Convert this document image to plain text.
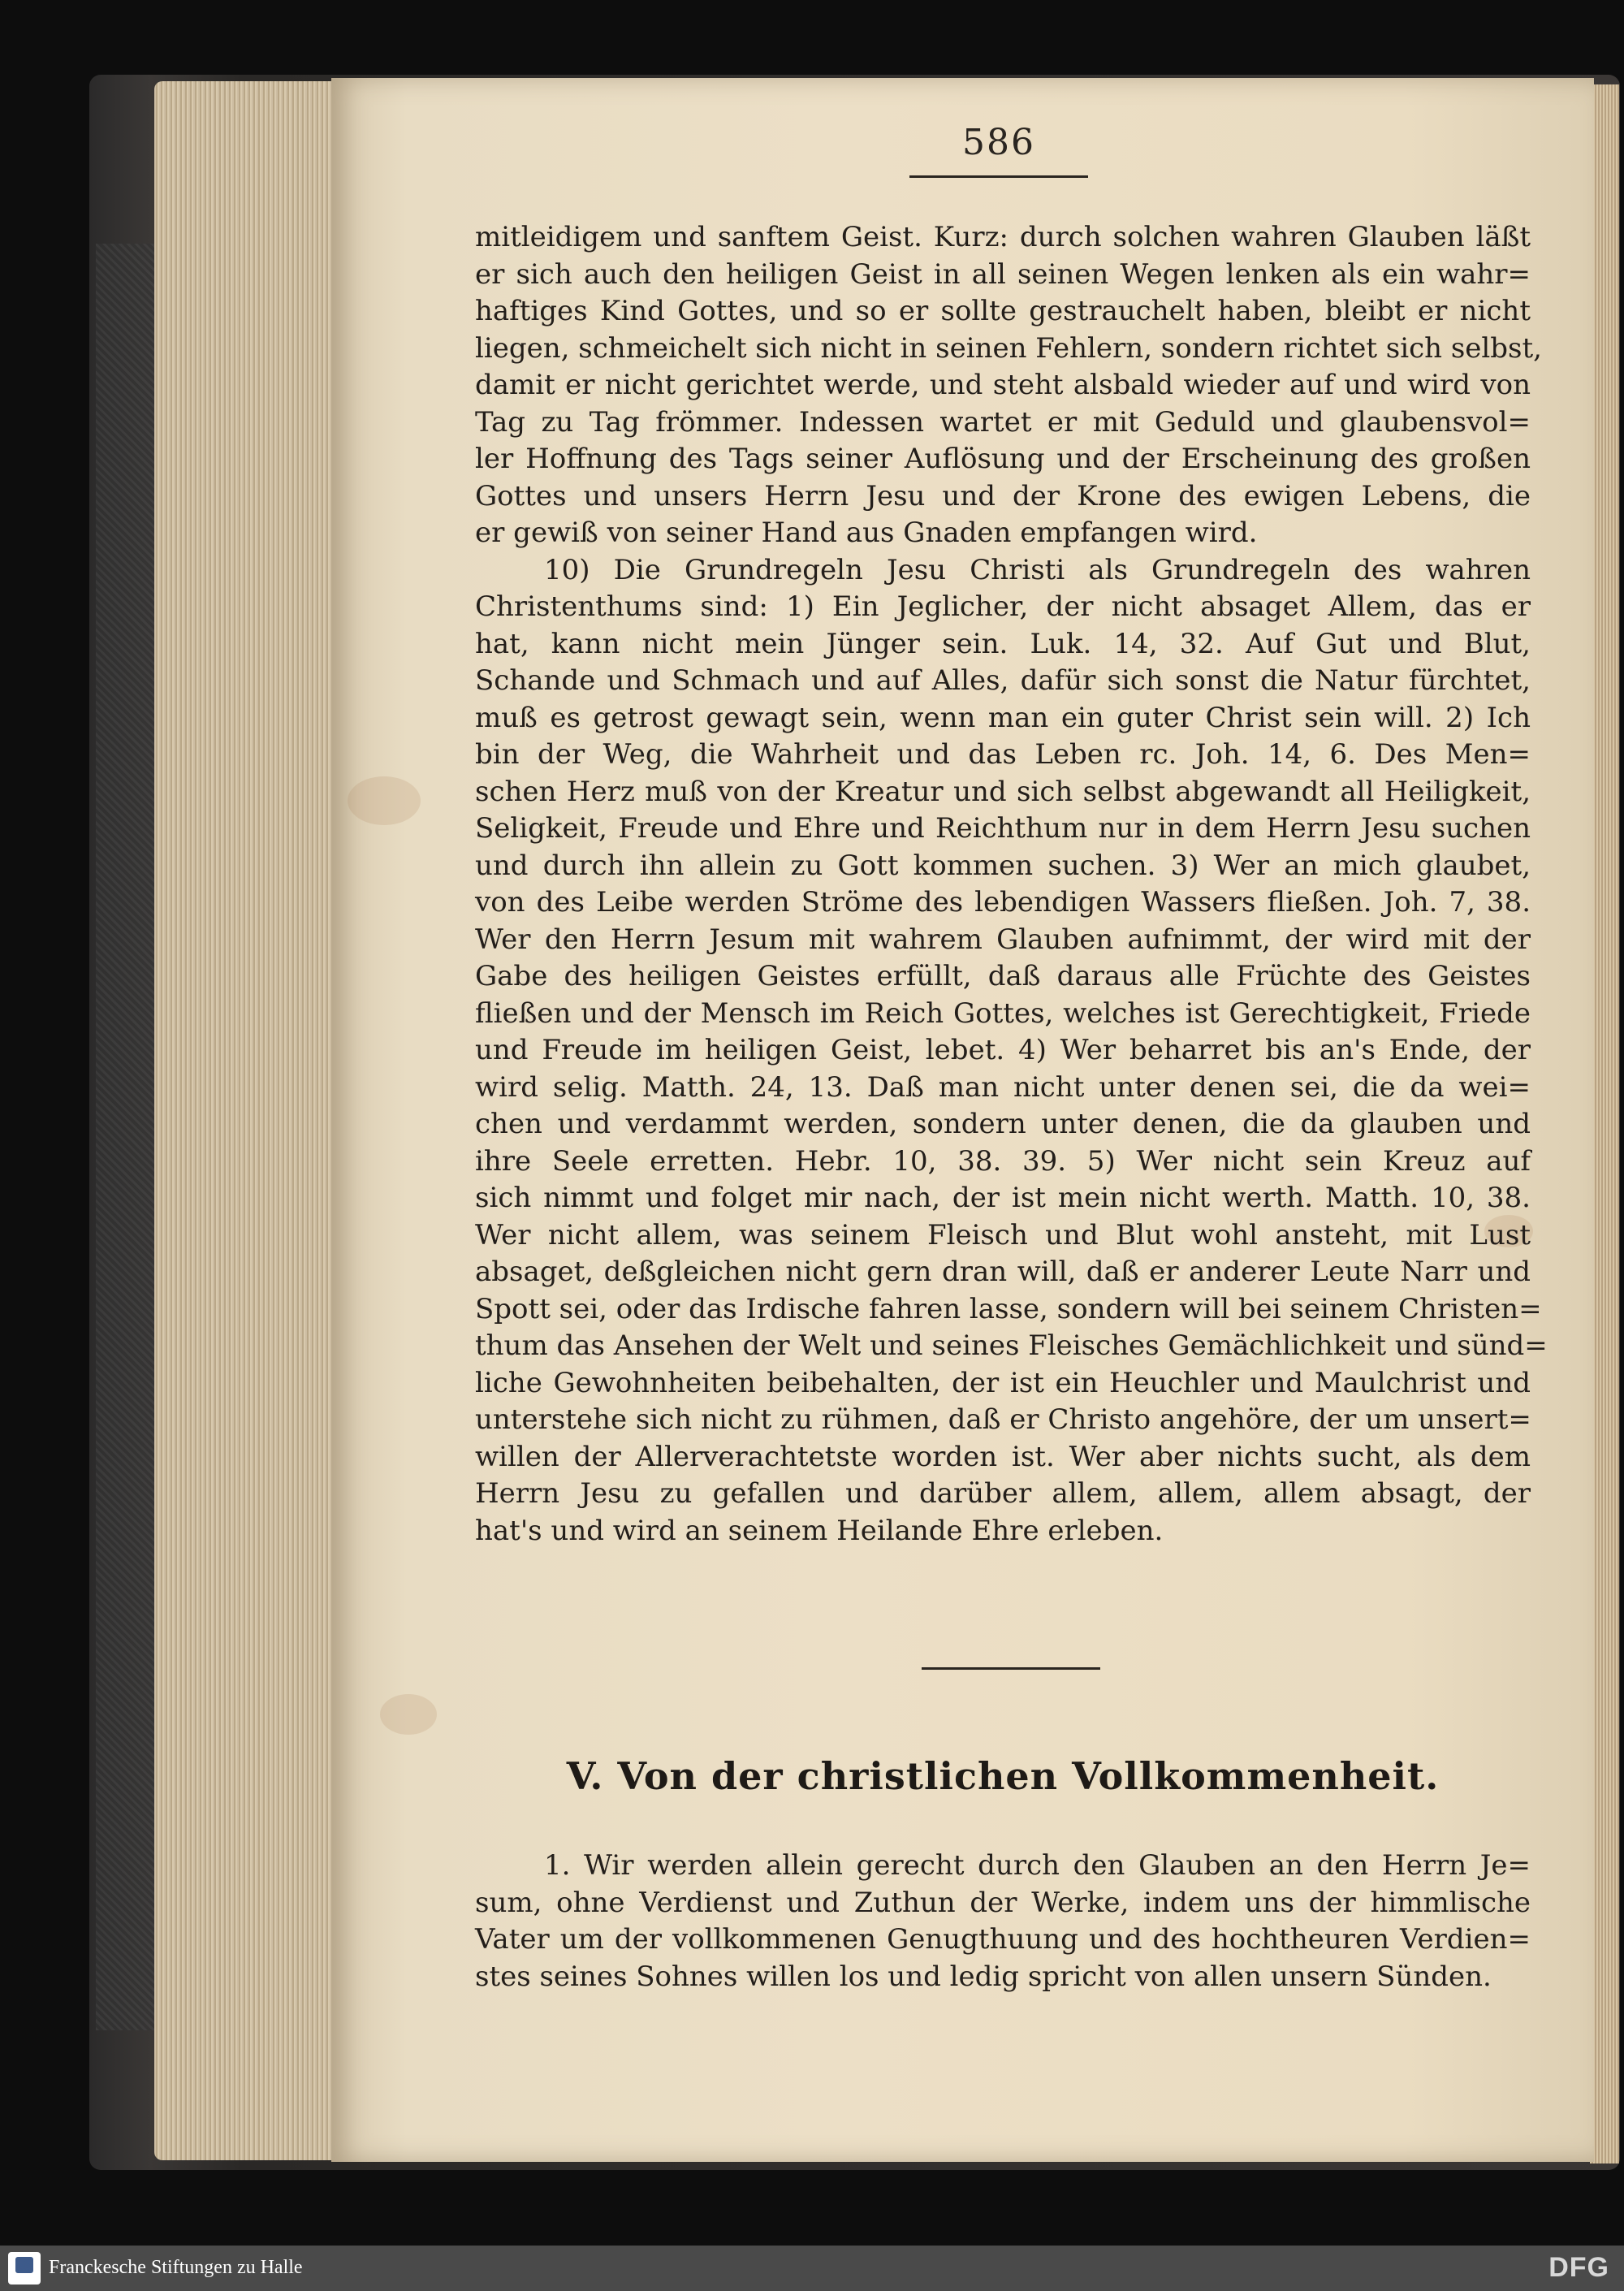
586
mitleidigem und sanftem Geist. Kurz: durch solchen wahren Glauben läßt
er sich auch den heiligen Geist in all seinen Wegen lenken als ein wahr=
haftiges Kind Gottes, und so er sollte gestrauchelt haben, bleibt er nicht
liegen, schmeichelt sich nicht in seinen Fehlern, sondern richtet sich selbst,
damit er nicht gerichtet werde, und steht alsbald wieder auf und wird von
Tag zu Tag frömmer. Indessen wartet er mit Geduld und glaubensvol=
ler Hoffnung des Tags seiner Auflösung und der Erscheinung des großen
Gottes und unsers Herrn Jesu und der Krone des ewigen Lebens, die
er gewiß von seiner Hand aus Gnaden empfangen wird.
10) Die Grundregeln Jesu Christi als Grundregeln des wahren
Christenthums sind: 1) Ein Jeglicher, der nicht absaget Allem, das er
hat, kann nicht mein Jünger sein. Luk. 14, 32. Auf Gut und Blut,
Schande und Schmach und auf Alles, dafür sich sonst die Natur fürchtet,
muß es getrost gewagt sein, wenn man ein guter Christ sein will. 2) Ich
bin der Weg, die Wahrheit und das Leben rc. Joh. 14, 6. Des Men=
schen Herz muß von der Kreatur und sich selbst abgewandt all Heiligkeit,
Seligkeit, Freude und Ehre und Reichthum nur in dem Herrn Jesu suchen
und durch ihn allein zu Gott kommen suchen. 3) Wer an mich glaubet,
von des Leibe werden Ströme des lebendigen Wassers fließen. Joh. 7, 38.
Wer den Herrn Jesum mit wahrem Glauben aufnimmt, der wird mit der
Gabe des heiligen Geistes erfüllt, daß daraus alle Früchte des Geistes
fließen und der Mensch im Reich Gottes, welches ist Gerechtigkeit, Friede
und Freude im heiligen Geist, lebet. 4) Wer beharret bis an's Ende, der
wird selig. Matth. 24, 13. Daß man nicht unter denen sei, die da wei=
chen und verdammt werden, sondern unter denen, die da glauben und
ihre Seele erretten. Hebr. 10, 38. 39. 5) Wer nicht sein Kreuz auf
sich nimmt und folget mir nach, der ist mein nicht werth. Matth. 10, 38.
Wer nicht allem, was seinem Fleisch und Blut wohl ansteht, mit Lust
absaget, deßgleichen nicht gern dran will, daß er anderer Leute Narr und
Spott sei, oder das Irdische fahren lasse, sondern will bei seinem Christen=
thum das Ansehen der Welt und seines Fleisches Gemächlichkeit und sünd=
liche Gewohnheiten beibehalten, der ist ein Heuchler und Maulchrist und
unterstehe sich nicht zu rühmen, daß er Christo angehöre, der um unsert=
willen der Allerverachtetste worden ist. Wer aber nichts sucht, als dem
Herrn Jesu zu gefallen und darüber allem, allem, allem absagt, der
hat's und wird an seinem Heilande Ehre erleben.
V. Von der christlichen Vollkommenheit.
1. Wir werden allein gerecht durch den Glauben an den Herrn Je=
sum, ohne Verdienst und Zuthun der Werke, indem uns der himmlische
Vater um der vollkommenen Genugthuung und des hochtheuren Verdien=
stes seines Sohnes willen los und ledig spricht von allen unsern Sünden.
Franckesche Stiftungen zu Halle	DFG
